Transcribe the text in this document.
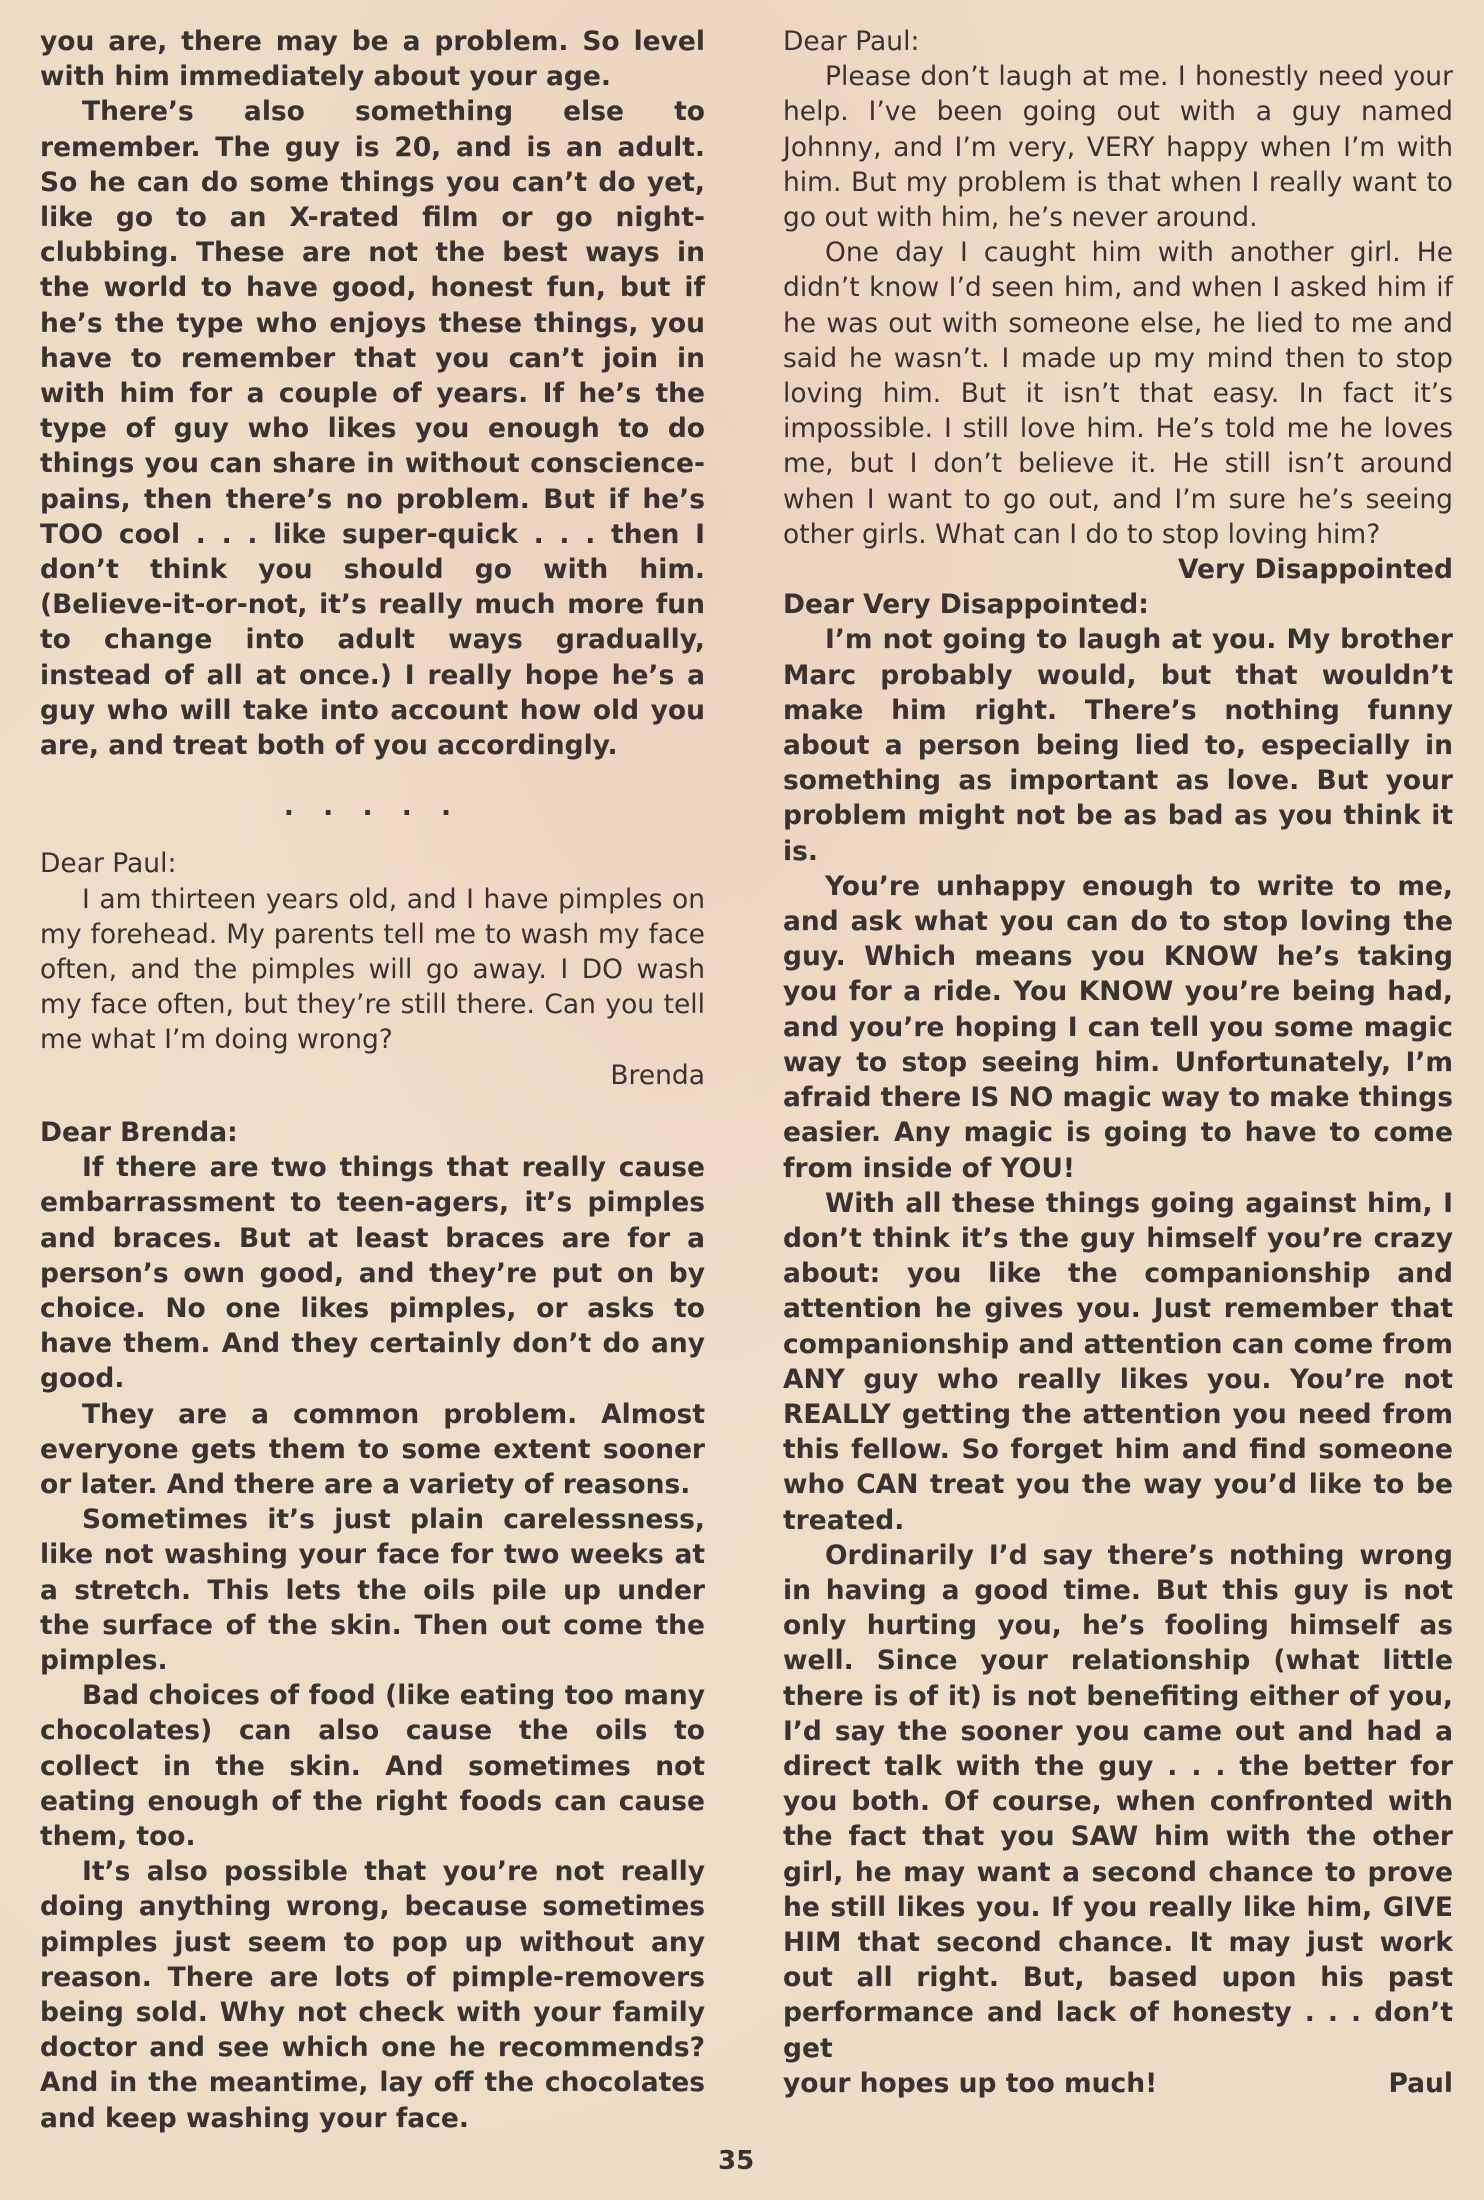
you are, there may be a problem. So level with him immediately about your age.

There’s also something else to remember. The guy is 20, and is an adult. So he can do some things you can’t do yet, like go to an X-rated film or go night-clubbing. These are not the best ways in the world to have good, honest fun, but if he’s the type who enjoys these things, you have to remember that you can’t join in with him for a couple of years. If he’s the type of guy who likes you enough to do things you can share in without conscience-pains, then there’s no problem. But if he’s TOO cool . . . like super-quick . . . then I don’t think you should go with him. (Believe-it-or-not, it’s really much more fun to change into adult ways gradually, instead of all at once.) I really hope he’s a guy who will take into account how old you are, and treat both of you accordingly.

. . . . .

Dear Paul:

I am thirteen years old, and I have pimples on my forehead. My parents tell me to wash my face often, and the pimples will go away. I DO wash my face often, but they’re still there. Can you tell me what I’m doing wrong?

Brenda

Dear Brenda:

If there are two things that really cause embarrassment to teen-agers, it’s pimples and braces. But at least braces are for a person’s own good, and they’re put on by choice. No one likes pimples, or asks to have them. And they certainly don’t do any good.

They are a common problem. Almost everyone gets them to some extent sooner or later. And there are a variety of reasons.

Sometimes it’s just plain carelessness, like not washing your face for two weeks at a stretch. This lets the oils pile up under the surface of the skin. Then out come the pimples.

Bad choices of food (like eating too many chocolates) can also cause the oils to collect in the skin. And sometimes not eating enough of the right foods can cause them, too.

It’s also possible that you’re not really doing anything wrong, because sometimes pimples just seem to pop up without any reason. There are lots of pimple-removers being sold. Why not check with your family doctor and see which one he recommends? And in the meantime, lay off the chocolates and keep washing your face.

Dear Paul:

Please don’t laugh at me. I honestly need your help. I’ve been going out with a guy named Johnny, and I’m very, VERY happy when I’m with him. But my problem is that when I really want to go out with him, he’s never around.

One day I caught him with another girl. He didn’t know I’d seen him, and when I asked him if he was out with someone else, he lied to me and said he wasn’t. I made up my mind then to stop loving him. But it isn’t that easy. In fact it’s impossible. I still love him. He’s told me he loves me, but I don’t believe it. He still isn’t around when I want to go out, and I’m sure he’s seeing other girls. What can I do to stop loving him?

Very Disappointed

Dear Very Disappointed:

I’m not going to laugh at you. My brother Marc probably would, but that wouldn’t make him right. There’s nothing funny about a person being lied to, especially in something as important as love. But your problem might not be as bad as you think it is.

You’re unhappy enough to write to me, and ask what you can do to stop loving the guy. Which means you KNOW he’s taking you for a ride. You KNOW you’re being had, and you’re hoping I can tell you some magic way to stop seeing him. Unfortunately, I’m afraid there IS NO magic way to make things easier. Any magic is going to have to come from inside of YOU!

With all these things going against him, I don’t think it’s the guy himself you’re crazy about: you like the companionship and attention he gives you. Just remember that companionship and attention can come from ANY guy who really likes you. You’re not REALLY getting the attention you need from this fellow. So forget him and find someone who CAN treat you the way you’d like to be treated.

Ordinarily I’d say there’s nothing wrong in having a good time. But this guy is not only hurting you, he’s fooling himself as well. Since your relationship (what little there is of it) is not benefiting either of you, I’d say the sooner you came out and had a direct talk with the guy . . . the better for you both. Of course, when confronted with the fact that you SAW him with the other girl, he may want a second chance to prove he still likes you. If you really like him, GIVE HIM that second chance. It may just work out all right. But, based upon his past performance and lack of honesty . . . don’t get

your hopes up too much!	Paul
35
